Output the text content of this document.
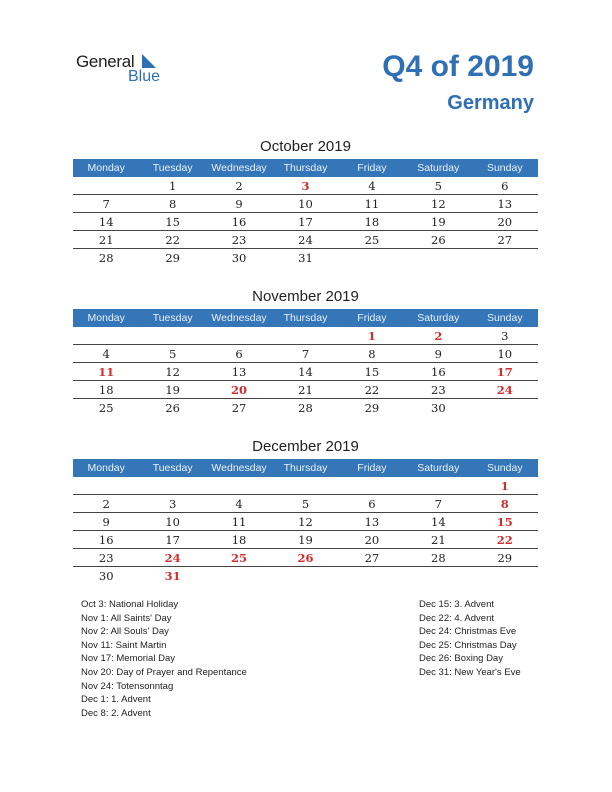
General
Blue	Q4 of 2019
Germany
October 2019
Monday	Tuesday	Wednesday	Thursday	Friday	Saturday	Sunday
	1	2	3	4	5	6
7	8	9	10	11	12	13
14	15	16	17	18	19	20
21	22	23	24	25	26	27
28	29	30	31			
November 2019
Monday	Tuesday	Wednesday	Thursday	Friday	Saturday	Sunday
				1	2	3
4	5	6	7	8	9	10
11	12	13	14	15	16	17
18	19	20	21	22	23	24
25	26	27	28	29	30	
December 2019
Monday	Tuesday	Wednesday	Thursday	Friday	Saturday	Sunday
						1
2	3	4	5	6	7	8
9	10	11	12	13	14	15
16	17	18	19	20	21	22
23	24	25	26	27	28	29
30	31					
Oct 3: National Holiday
Nov 1: All Saints' Day
Nov 2: All Souls' Day
Nov 11: Saint Martin
Nov 17: Memorial Day
Nov 20: Day of Prayer and Repentance
Nov 24: Totensonntag
Dec 1: 1. Advent
Dec 8: 2. Advent
Dec 15: 3. Advent
Dec 22: 4. Advent
Dec 24: Christmas Eve
Dec 25: Christmas Day
Dec 26: Boxing Day
Dec 31: New Year's Eve
